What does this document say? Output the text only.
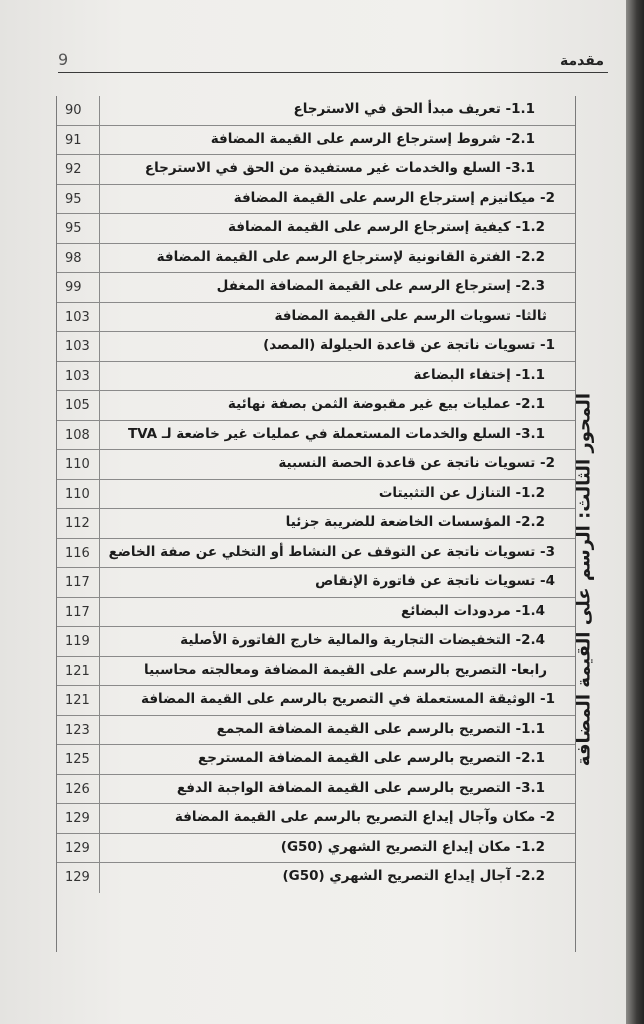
9	مقدمة
90	1.1- تعريف مبدأ الحق في الاسترجاع
91	2.1- شروط إسترجاع الرسم على القيمة المضافة
92	3.1- السلع والخدمات غير مستفيدة من الحق في الاسترجاع
95	2- ميكانيزم إسترجاع الرسم على القيمة المضافة
95	1.2- كيفية إسترجاع الرسم على القيمة المضافة
98	2.2- الفترة القانونية لإسترجاع الرسم على القيمة المضافة
99	2.3- إسترجاع الرسم على القيمة المضافة المغفل
103	ثالثا- تسويات الرسم على القيمة المضافة
103	1- تسويات ناتجة عن قاعدة الحيلولة (المصد)
103	1.1- إختفاء البضاعة
105	2.1- عمليات بيع غير مقبوضة الثمن بصفة نهائية
108	3.1- السلع والخدمات المستعملة في عمليات غير خاضعة لـ TVA
110	2- تسويات ناتجة عن قاعدة الحصة النسبية
110	1.2- التنازل عن التثبيتات
112	2.2- المؤسسات الخاضعة للضريبة جزئيا
116 3- تسويات ناتجة عن التوقف عن النشاط أو التخلي عن صفة الخاضع
117	4- تسويات ناتجة عن فاتورة الإنقاص
117	1.4- مردودات البضائع
119	2.4- التخفيضات التجارية والمالية خارج الفاتورة الأصلية
121	رابعا- التصريح بالرسم على القيمة المضافة ومعالجته محاسبيا
121	1- الوثيقة المستعملة في التصريح بالرسم على القيمة المضافة
123	1.1- التصريح بالرسم على القيمة المضافة المجمع
125	2.1- التصريح بالرسم على القيمة المضافة المسترجع
126	3.1- التصريح بالرسم على القيمة المضافة الواجبة الدفع
129	2- مكان وآجال إيداع التصريح بالرسم على القيمة المضافة
129	1.2- مكان إيداع التصريح الشهري (G50)
129	2.2- آجال إيداع التصريح الشهري (G50)
المحور الثالث: الرسم على القيمة المضافة
